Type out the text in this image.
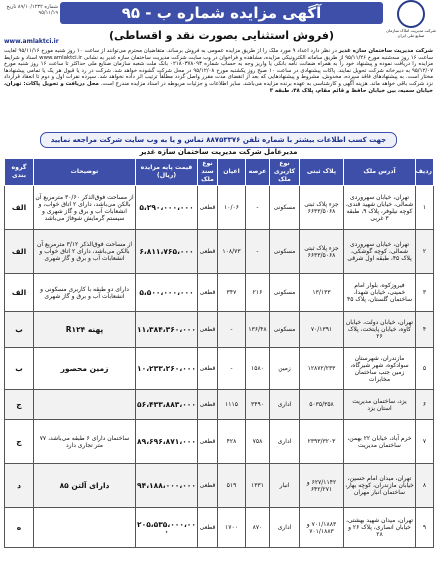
شرکت مدیریت املاک سازمان صنایع ملی ایران
آگهی مزایده شماره ب - ۹۵
(فروش استثنایی بصورت نقد و اقساطی)
شماره ۸۹/۱۰/۱۲۳۲ تاریخ ۹۵/۱۱/۱۹
www.amlaktci.ir
شرکت مدیریت ساختمان سازه غدیر در نظر دارد اعداد ۹ مورد ملک را از طریق مزایده عمومی به فروش برساند. متقاضیان محترم می‌توانند از ساعت ۱۰ روز شنبه مورخ ۹۵/۱۱/۱۶ لغایت ساعت ۱۶ روز سه‌شنبه مورخ ۹۵/۱۱/۲۶ از طریق سامانه الکترونیکی مزایده، مشاهده و فراخوان در وب سایت شرکت مدیریت ساختمان سازه غدیر به نشانی www.amlaktci.ir اسناد و شرایط مزایده را دریافت نموده و پیشنهاد خود را به همراه ضمانت نامه بانکی یا واریز وجه به حساب شماره ۰۲۱۸۰۳۷۸۰۹۳ بانک ملت شعبه سازمان صنایع ملی حداکثر تا ساعت ۱۶ روز شنبه مورخ ۹۵/۱۲/۰۷ به دبیرخانه شرکت تحویل نمایند. پاکات پیشنهادی در ساعت ۱۰ صبح روز یکشنبه مورخ ۹۵/۱۲/۰۸ در محل شرکت گشوده خواهد شد. شرکت در رد یا قبول هر یک یا تمامی پیشنهادها مختار است. به پیشنهادهای فاقد سپرده، مخدوش، مشروط و پیشنهادهایی که بعد از انقضای مدت مقرر واصل گردد مطلقاً ترتیب اثر داده نخواهد شد. سپرده نفرات اول و دوم تا انعقاد قرارداد نزد شرکت باقی خواهد ماند. هزینه آگهی و کارشناسی به عهده برنده مزایده می‌باشد. سایر اطلاعات و جزئیات مربوطه در اسناد مزایده مندرج است. محل دریافت و تحویل پاکات: تهران، خیابان سمیه، بین خیابان حافظ و قائم مقام، پلاک ۴۸، طبقه ۳
جهت کسب اطلاعات بیشتر با شماره تلفن ۸۸۷۵۳۳۷۶ تماس و یا به وب سایت شرکت مراجعه نمایید
مدیرعامل شرکت مدیریت ساختمان سازه غدیر
ردیف	آدرس ملک	پلاک ثبتی	نوع کاربری ملک	عرصه	اعیان	نوع سند ملک	قیمت پایه مزایده (ریال)	توضیحات	گروه بندی
۱	تهران، خیابان سهروردی شمالی، خیابان شهید قندی، کوچه نیلوفر، پلاک ۹، طبقه ۳ غربی	جزء پلاک ثبتی ۶۶۳۳/۵۰۶۸	مسکونی	-	۱۰/۰۶	قطعی	۵،۲۹۰،۰۰۰،۰۰۰	از مساحت فوق‌الذکر ۳۰/۶۰ مترمربع آن بالکن می‌باشد، دارای ۲ اتاق خواب، و انشعابات آب و برق و گاز شهری و سیستم گرمایش شوفاژ می‌باشد	الف
۲	تهران، خیابان سهروردی شمالی، کوچه گوشکی، پلاک ۴۵، طبقه اول شرقی	جزء پلاک ثبتی ۶۶۳۳/۵۰۶۸	مسکونی	-	۱۰۸/۷۳	قطعی	۶،۸۱۱،۷۶۵،۰۰۰	از مساحت فوق‌الذکر ۳/۱۲ مترمربع آن بالکن می‌باشد، دارای ۲ اتاق خواب و انشعابات آب و برق و گاز شهری	الف
۳	فیروزکوه، بلوار امام خمینی، خیابان شهدا، ساختمان گلستان، پلاک ۴۵	۱۳/۱۳۳	مسکونی	۲۱۶	۳۴۷	قطعی	۵،۵۰۰،۰۰۰،۰۰۰	دارای دو طبقه با کاربری مسکونی و انشعابات آب و برق و گاز شهری	الف
۴	تهران، خیابان دولت، خیابان کاوه، خیابان پایتخت، پلاک ۲۶	۷۰/۱۳۹۱	مسکونی	۱۳۶/۴۸	-	قطعی	۱۱،۳۸۴،۳۶۰،۰۰۰	پهنه R۱۲۴	ب
۵	مازندران، شهرستان سوادکوه، شهر شیرگاه، زمین جنب ساختمان مخابرات	۱۲۸۷۲/۲۳۳	زمین	۱۵۸۰	-	قطعی	۱۰،۲۳۳،۲۶۰،۰۰۰	زمین محصور	ب
۶	یزد، ساختمان مدیریت استان یزد	۵۰۳۵/۳۵۸	اداری	۳۴۹۰	۱۱۱۵	قطعی	۵۶،۴۳۳،۸۸۳،۰۰۰		ج
۷	خرم آباد، خیابان ۲۲ بهمن، ساختمان مدیریت	۲۳۹۳/۳۲۰۳	اداری	۷۵۸	۴۲۸	قطعی	۸۹،۶۹۶،۸۷۱،۰۰۰	ساختمان دارای ۶ طبقه می‌باشد، ۷۷ متر تجاری دارد	ج
۸	تهران، میدان امام حسین، خیابان مازندران، کوچه بهار، ساختمان انبار مهران	۶۲۷/۱۱۴۲ و ۶۴۲/۲۷۱	انبار	۱۳۳۱	۵۱۹	قطعی	۹۴،۱۸۸،۰۰۰،۰۰۰	دارای آلتن ۸۵	د
۹	تهران، میدان شهید بهشتی، خیابان انصاری، پلاک ۲۶ و ۲۸	۷۰۱/۱۸۸۳ و ۷۰۱/۱۸۸۳	اداری	۸۷۰	۱۷۰۰	قطعی	۲۰۵،۵۳۵،۰۰۰،۰۰۰		ه
